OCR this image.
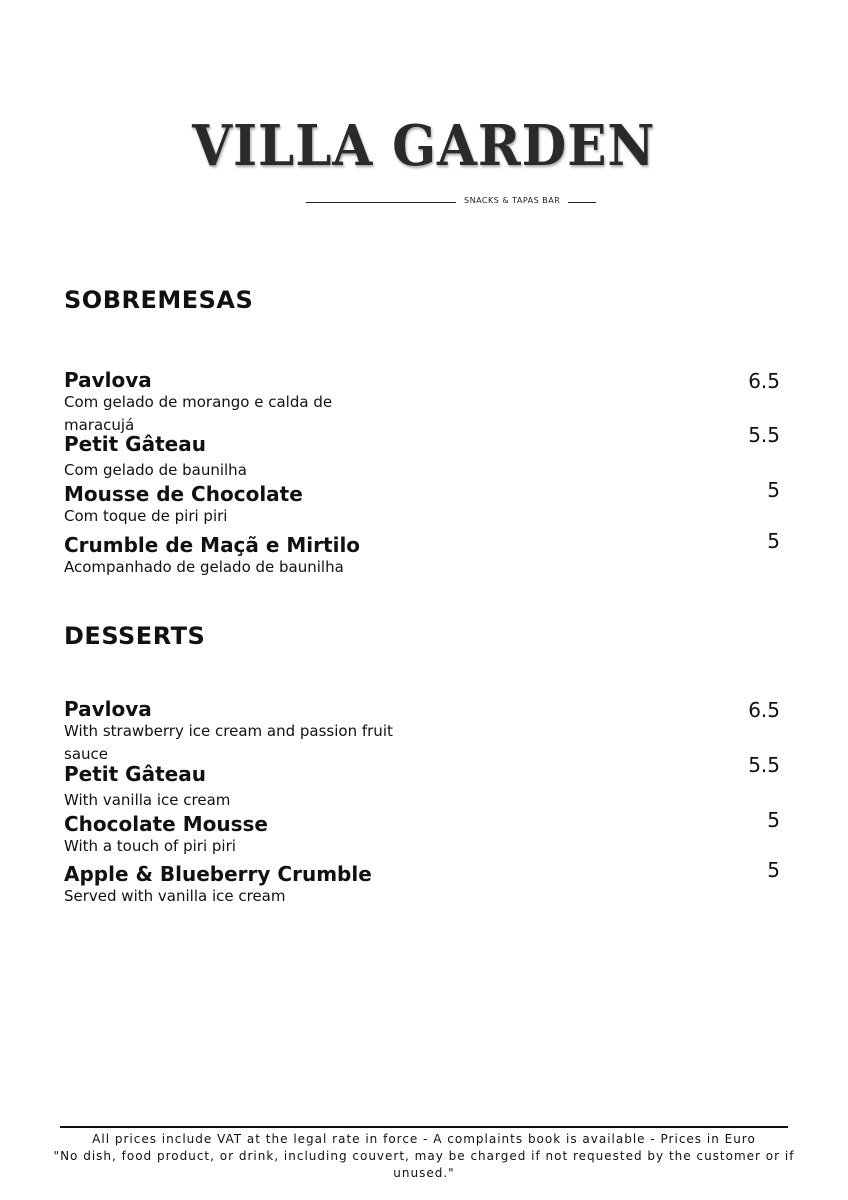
VILLA GARDEN
SNACKS & TAPAS BAR
SOBREMESAS
Pavlova
Com gelado de morango e calda de maracujá
6.5
Petit Gâteau
Com gelado de baunilha
5.5
Mousse de Chocolate
Com toque de piri piri
5
Crumble de Maçã e Mirtilo
Acompanhado de gelado de baunilha
5
DESSERTS
Pavlova
With strawberry ice cream and passion fruit sauce
6.5
Petit Gâteau
With vanilla ice cream
5.5
Chocolate Mousse
With a touch of piri piri
5
Apple & Blueberry Crumble
Served with vanilla ice cream
5
All prices include VAT at the legal rate in force - A complaints book is available - Prices in Euro
"No dish, food product, or drink, including couvert, may be charged if not requested by the customer or if unused."
